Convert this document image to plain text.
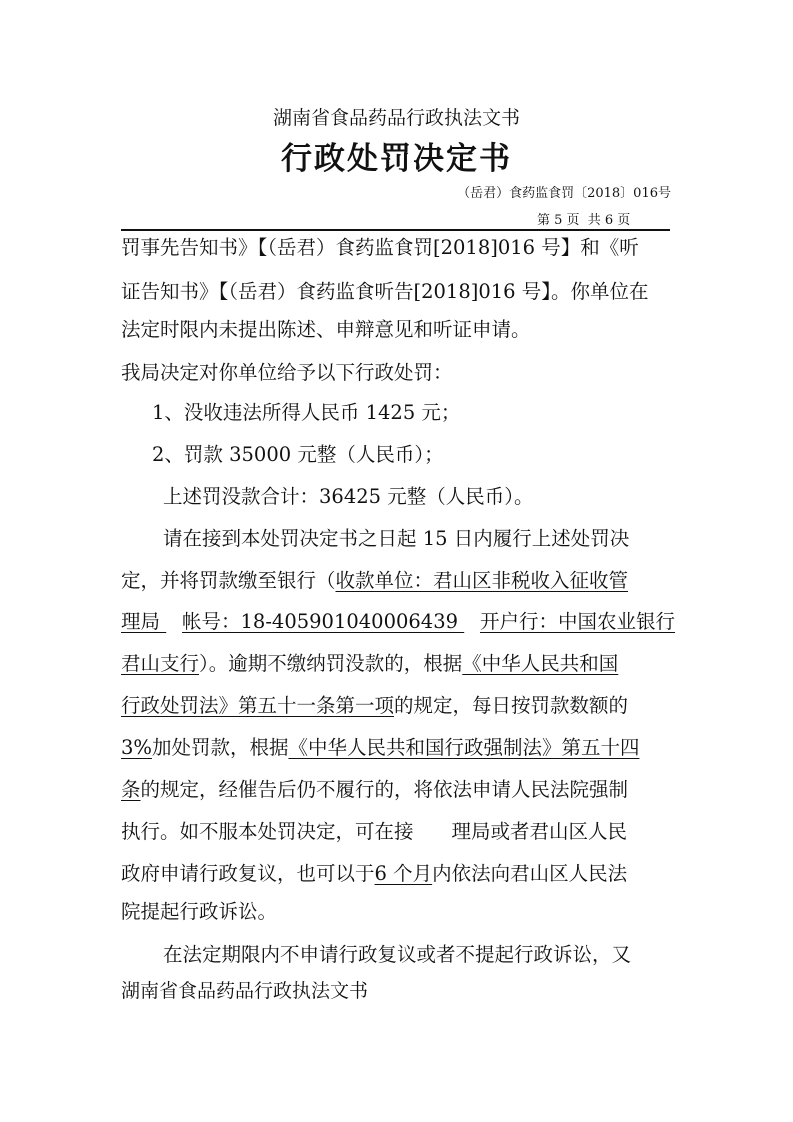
湖南省食品药品行政执法文书
行政处罚决定书
（岳君）食药监食罚〔2018〕016号
第 5 页 共 6 页
罚事先告知书》【（岳君）食药监食罚[2018]016 号】和《听
证告知书》【（岳君）食药监食听告[2018]016 号】。你单位在
法定时限内未提出陈述、申辩意见和听证申请。
我局决定对你单位给予以下行政处罚：
1、没收违法所得人民币 1425 元；
2、罚款 35000 元整（人民币）；
上述罚没款合计：36425 元整（人民币）。
请在接到本处罚决定书之日起 15 日内履行上述处罚决
定，并将罚款缴至银行（收款单位：君山区非税收入征收管
理局 帐号：18-405901040006439 开户行：中国农业银行
君山支行）。逾期不缴纳罚没款的，根据《中华人民共和国
行政处罚法》第五十一条第一项的规定，每日按罚款数额的
3%加处罚款，根据《中华人民共和国行政强制法》第五十四
条的规定，经催告后仍不履行的，将依法申请人民法院强制
执行。如不服本处罚决定，可在接 理局或者君山区人民
政府申请行政复议，也可以于6 个月内依法向君山区人民法
院提起行政诉讼。
在法定期限内不申请行政复议或者不提起行政诉讼，又
湖南省食品药品行政执法文书
